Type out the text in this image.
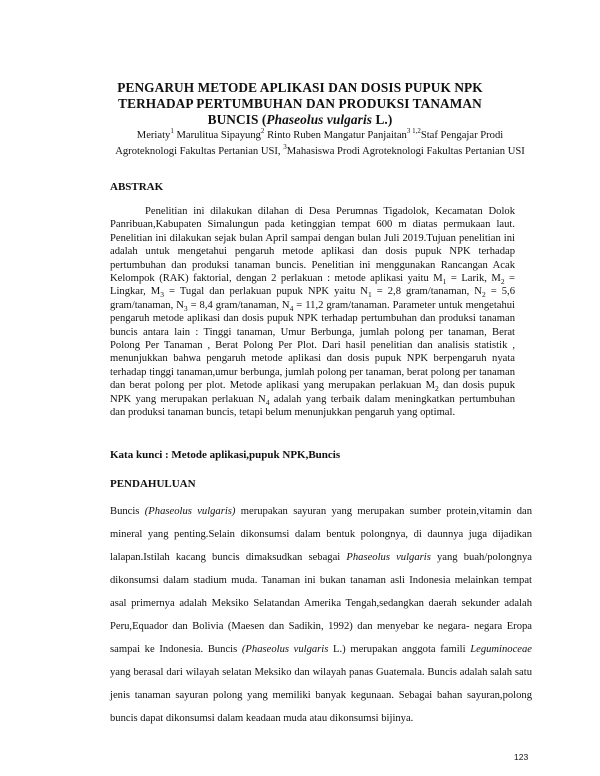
PENGARUH METODE APLIKASI DAN DOSIS PUPUK NPK
TERHADAP PERTUMBUHAN DAN PRODUKSI TANAMAN
BUNCIS (Phaseolus vulgaris L.)
Meriaty$^1$ Marulitua Sipayung$^2$ Rinto Ruben Mangatur Panjaitan$^{3 1,2}$Staf Pengajar Prodi Agroteknologi Fakultas Pertanian USI, $^3$Mahasiswa Prodi Agroteknologi Fakultas Pertanian USI
ABSTRAK

Penelitian ini dilakukan dilahan di Desa Perumnas Tigadolok, Kecamatan Dolok Panribuan,Kabupaten Simalungun pada ketinggian tempat 600 m diatas permukaan laut. Penelitian ini dilakukan sejak bulan April sampai dengan bulan Juli 2019.Tujuan penelitian ini adalah untuk mengetahui pengaruh metode aplikasi dan dosis pupuk NPK terhadap pertumbuhan dan produksi tanaman buncis. Penelitian ini menggunakan Rancangan Acak Kelompok (RAK) faktorial, dengan 2 perlakuan : metode aplikasi yaitu $M_1$ = Larik, $M_2$ = Lingkar, $M_3$ = Tugal dan perlakuan pupuk NPK yaitu $N_1 = 2,8$ gram/tanaman, $N_2 = 5,6$ gram/tanaman, $N_3 = 8,4$ gram/tanaman, $N_4 = 11,2$ gram/tanaman. Parameter untuk mengetahui pengaruh metode aplikasi dan dosis pupuk NPK terhadap pertumbuhan dan produksi tanaman buncis antara lain : Tinggi tanaman, Umur Berbunga, jumlah polong per tanaman, Berat Polong Per Tanaman , Berat Polong Per Plot. Dari hasil penelitian dan analisis statistik , menunjukkan bahwa pengaruh metode aplikasi dan dosis pupuk NPK berpengaruh nyata terhadap tinggi tanaman,umur berbunga, jumlah polong per tanaman, berat polong per tanaman dan berat polong per plot. Metode aplikasi yang merupakan perlakuan $M_2$ dan dosis pupuk NPK yang merupakan perlakuan $N_4$ adalah yang terbaik dalam meningkatkan pertumbuhan dan produksi tanaman buncis, tetapi belum menunjukkan pengaruh yang optimal.

Kata kunci : Metode aplikasi,pupuk NPK,Buncis
PENDAHULUAN

Buncis (Phaseolus vulgaris) merupakan sayuran yang merupakan sumber protein,vitamin dan mineral yang penting.Selain dikonsumsi dalam bentuk polongnya, di daunnya juga dijadikan lalapan.Istilah kacang buncis dimaksudkan sebagai Phaseolus vulgaris yang buah/polongnya dikonsumsi dalam stadium muda. Tanaman ini bukan tanaman asli Indonesia melainkan tempat asal primernya adalah Meksiko Selatandan Amerika Tengah,sedangkan daerah sekunder adalah Peru,Equador dan Bolivia (Maesen dan Sadikin, 1992) dan menyebar ke negara- negara Eropa sampai ke Indonesia. Buncis (Phaseolus vulgaris L.) merupakan anggota famili Leguminoceae yang berasal dari wilayah selatan Meksiko dan wilayah panas Guatemala. Buncis adalah salah satu jenis tanaman sayuran polong yang memiliki banyak kegunaan. Sebagai bahan sayuran,polong buncis dapat dikonsumsi dalam keadaan muda atau dikonsumsi bijinya.

123
